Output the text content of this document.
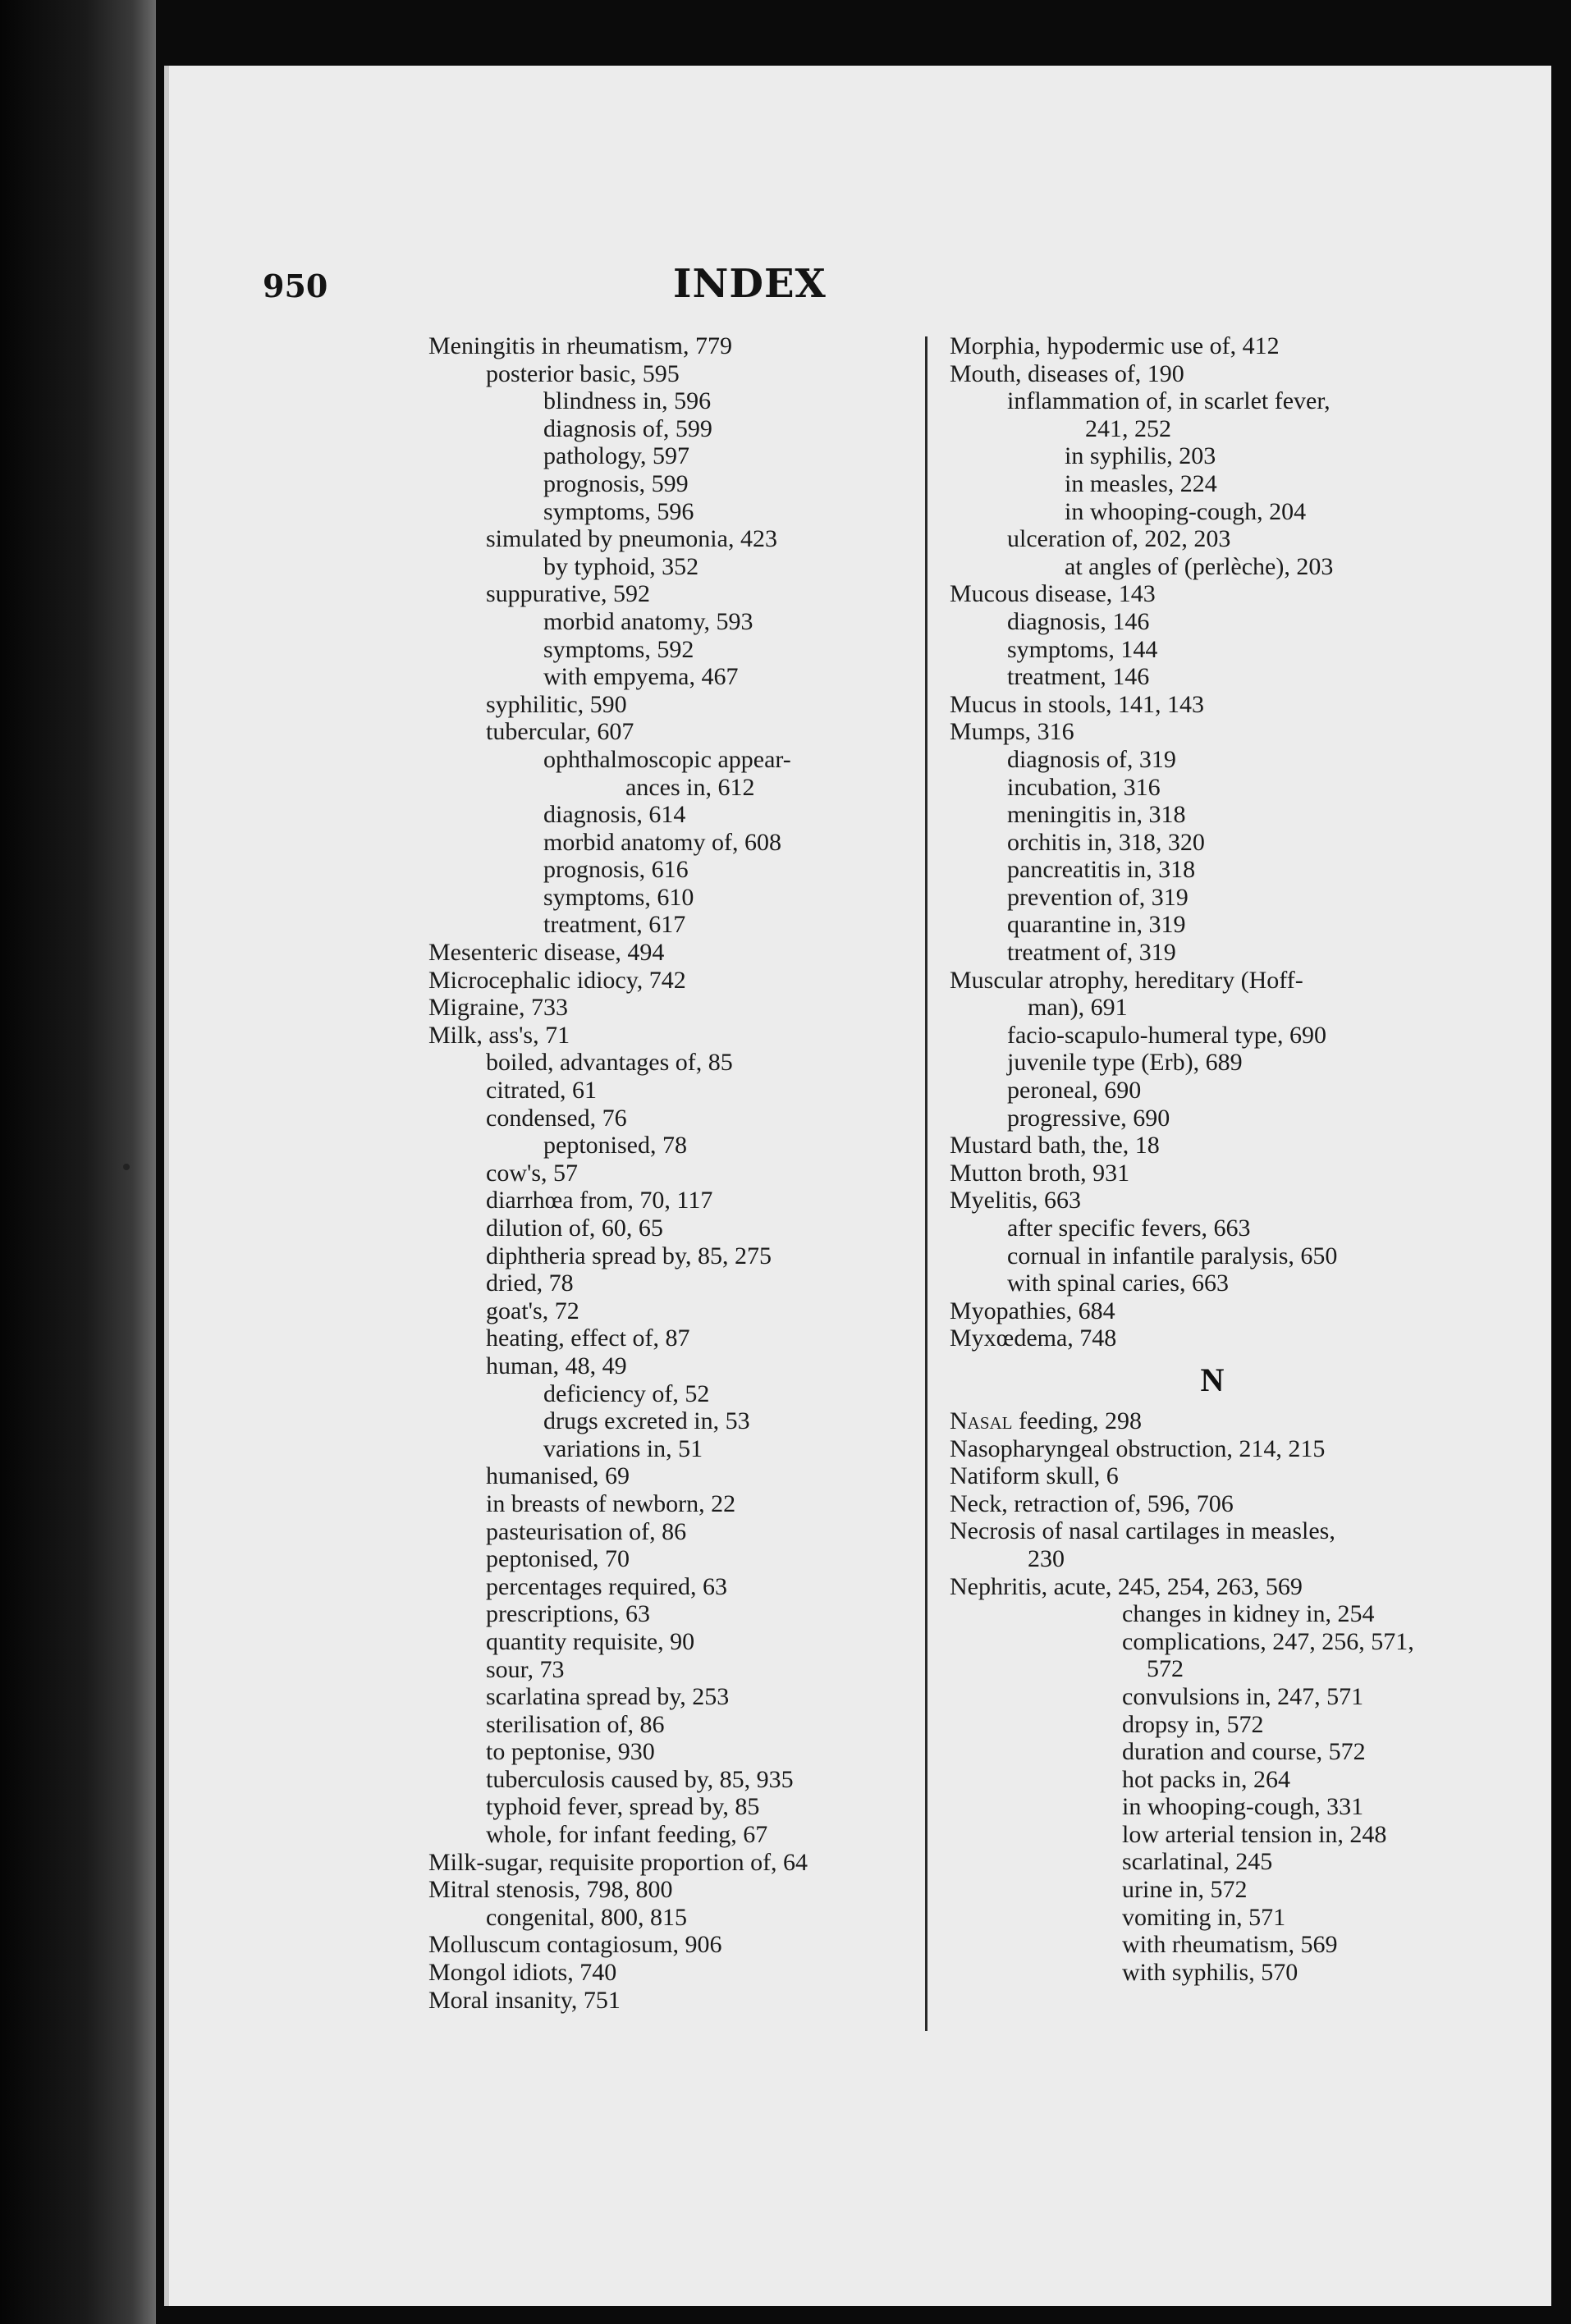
950	INDEX
Meningitis in rheumatism, 779
posterior basic, 595
blindness in, 596
diagnosis of, 599
pathology, 597
prognosis, 599
symptoms, 596
simulated by pneumonia, 423
by typhoid, 352
suppurative, 592
morbid anatomy, 593
symptoms, 592
with empyema, 467
syphilitic, 590
tubercular, 607
ophthalmoscopic appear-
ances in, 612
diagnosis, 614
morbid anatomy of, 608
prognosis, 616
symptoms, 610
treatment, 617
Mesenteric disease, 494
Microcephalic idiocy, 742
Migraine, 733
Milk, ass's, 71
boiled, advantages of, 85
citrated, 61
condensed, 76
peptonised, 78
cow's, 57
diarrhœa from, 70, 117
dilution of, 60, 65
diphtheria spread by, 85, 275
dried, 78
goat's, 72
heating, effect of, 87
human, 48, 49
deficiency of, 52
drugs excreted in, 53
variations in, 51
humanised, 69
in breasts of newborn, 22
pasteurisation of, 86
peptonised, 70
percentages required, 63
prescriptions, 63
quantity requisite, 90
sour, 73
scarlatina spread by, 253
sterilisation of, 86
to peptonise, 930
tuberculosis caused by, 85, 935
typhoid fever, spread by, 85
whole, for infant feeding, 67
Milk-sugar, requisite proportion of, 64
Mitral stenosis, 798, 800
congenital, 800, 815
Molluscum contagiosum, 906
Mongol idiots, 740
Moral insanity, 751
Morphia, hypodermic use of, 412
Mouth, diseases of, 190
inflammation of, in scarlet fever,
241, 252
in syphilis, 203
in measles, 224
in whooping-cough, 204
ulceration of, 202, 203
at angles of (perlèche), 203
Mucous disease, 143
diagnosis, 146
symptoms, 144
treatment, 146
Mucus in stools, 141, 143
Mumps, 316
diagnosis of, 319
incubation, 316
meningitis in, 318
orchitis in, 318, 320
pancreatitis in, 318
prevention of, 319
quarantine in, 319
treatment of, 319
Muscular atrophy, hereditary (Hoff-
man), 691
facio-scapulo-humeral type, 690
juvenile type (Erb), 689
peroneal, 690
progressive, 690
Mustard bath, the, 18
Mutton broth, 931
Myelitis, 663
after specific fevers, 663
cornual in infantile paralysis, 650
with spinal caries, 663
Myopathies, 684
Myxœdema, 748
N
Nasal feeding, 298
Nasopharyngeal obstruction, 214, 215
Natiform skull, 6
Neck, retraction of, 596, 706
Necrosis of nasal cartilages in measles,
230
Nephritis, acute, 245, 254, 263, 569
changes in kidney in, 254
complications, 247, 256, 571,
572
convulsions in, 247, 571
dropsy in, 572
duration and course, 572
hot packs in, 264
in whooping-cough, 331
low arterial tension in, 248
scarlatinal, 245
urine in, 572
vomiting in, 571
with rheumatism, 569
with syphilis, 570
